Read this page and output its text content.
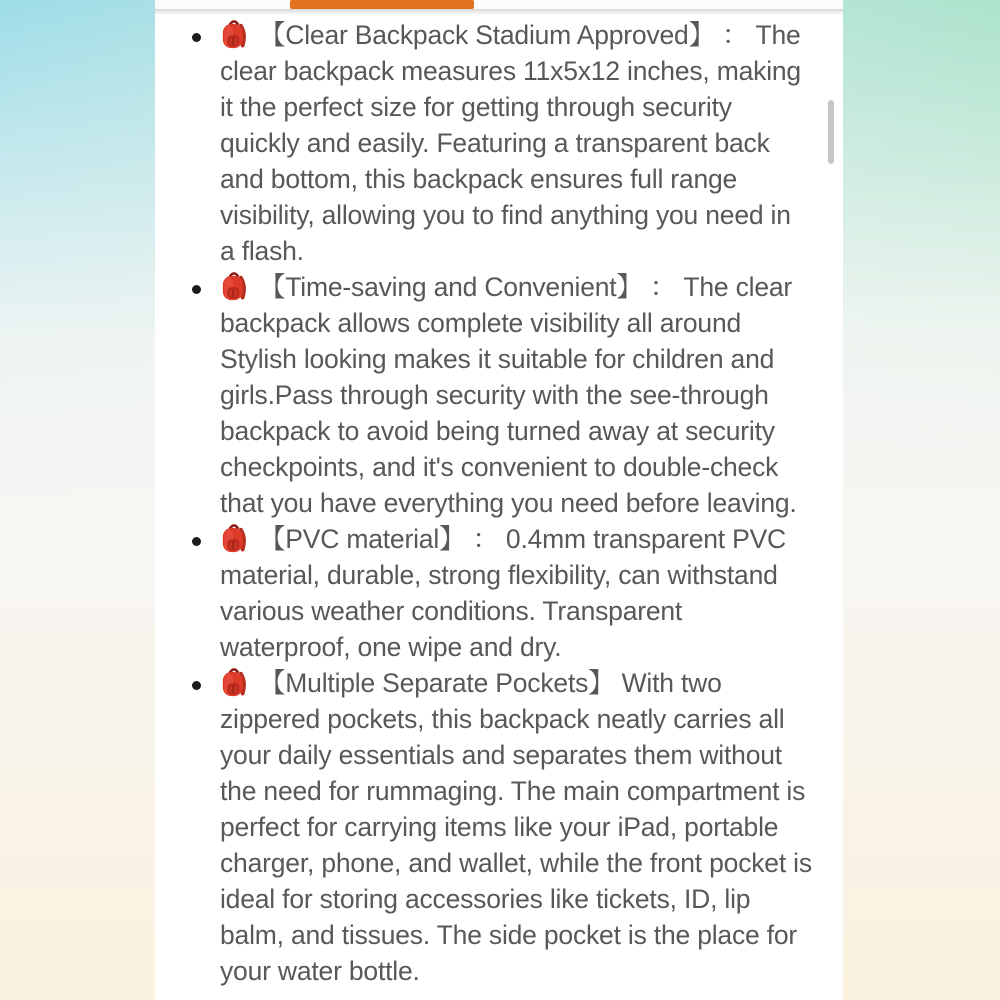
【Clear Backpack Stadium Approved】 ： The clear backpack measures 11x5x12 inches, making it the perfect size for getting through security quickly and easily. Featuring a transparent back and bottom, this backpack ensures full range visibility, allowing you to find anything you need in a flash.
【Time-saving and Convenient】 ： The clear backpack allows complete visibility all around Stylish looking makes it suitable for children and girls.Pass through security with the see-through backpack to avoid being turned away at security checkpoints, and it's convenient to double-check that you have everything you need before leaving.
【PVC material】 ： 0.4mm transparent PVC material, durable, strong flexibility, can withstand various weather conditions. Transparent waterproof, one wipe and dry.
【Multiple Separate Pockets】 With two zippered pockets, this backpack neatly carries all your daily essentials and separates them without the need for rummaging. The main compartment is perfect for carrying items like your iPad, portable charger, phone, and wallet, while the front pocket is ideal for storing accessories like tickets, ID, lip balm, and tissues. The side pocket is the place for your water bottle.
